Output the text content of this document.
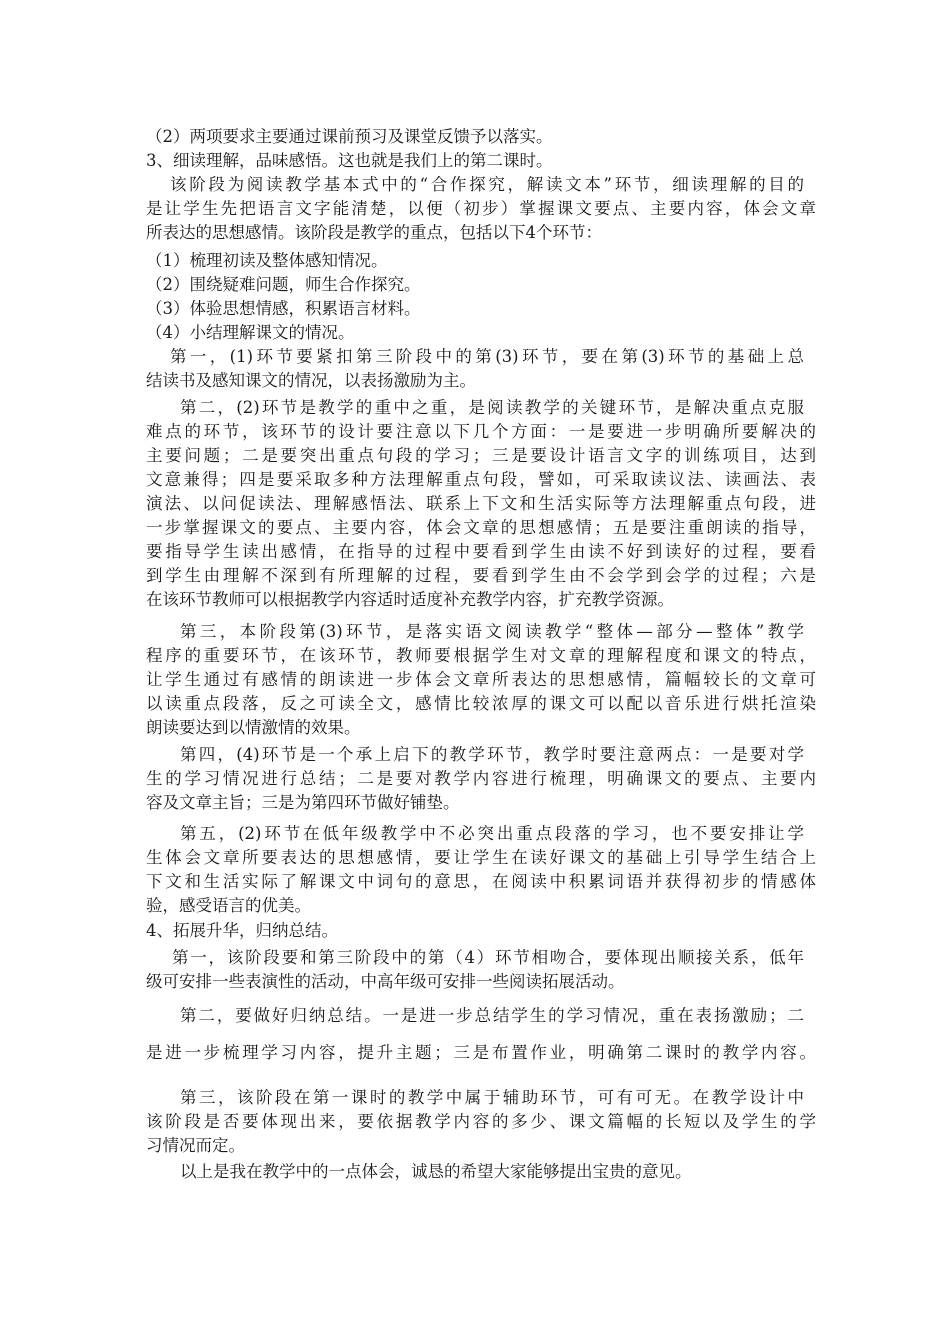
（2）两项要求主要通过课前预习及课堂反馈予以落实。
3、细读理解，品味感悟。这也就是我们上的第二课时。
该阶段为阅读教学基本式中的“合作探究，解读文本”环节，细读理解的目的
是让学生先把语言文字能清楚，以便（初步）掌握课文要点、主要内容，体会文章
所表达的思想感情。该阶段是教学的重点，包括以下4个环节：
（1）梳理初读及整体感知情况。
（2）围绕疑难问题，师生合作探究。
（3）体验思想情感，积累语言材料。
（4）小结理解课文的情况。
第一，(1)环节要紧扣第三阶段中的第(3)环节，要在第(3)环节的基础上总
结读书及感知课文的情况，以表扬激励为主。
第二，(2)环节是教学的重中之重，是阅读教学的关键环节，是解决重点克服
难点的环节，该环节的设计要注意以下几个方面：一是要进一步明确所要解决的
主要问题；二是要突出重点句段的学习；三是要设计语言文字的训练项目，达到
文意兼得；四是要采取多种方法理解重点句段，譬如，可采取读议法、读画法、表
演法、以问促读法、理解感悟法、联系上下文和生活实际等方法理解重点句段，进
一步掌握课文的要点、主要内容，体会文章的思想感情；五是要注重朗读的指导，
要指导学生读出感情，在指导的过程中要看到学生由读不好到读好的过程，要看
到学生由理解不深到有所理解的过程，要看到学生由不会学到会学的过程；六是
在该环节教师可以根据教学内容适时适度补充教学内容，扩充教学资源。
第三，本阶段第(3)环节，是落实语文阅读教学“整体—部分—整体”教学
程序的重要环节，在该环节，教师要根据学生对文章的理解程度和课文的特点，
让学生通过有感情的朗读进一步体会文章所表达的思想感情，篇幅较长的文章可
以读重点段落，反之可读全文，感情比较浓厚的课文可以配以音乐进行烘托渲染
朗读要达到以情激情的效果。
第四，(4)环节是一个承上启下的教学环节，教学时要注意两点：一是要对学
生的学习情况进行总结；二是要对教学内容进行梳理，明确课文的要点、主要内
容及文章主旨；三是为第四环节做好铺垫。
第五，(2)环节在低年级教学中不必突出重点段落的学习，也不要安排让学
生体会文章所要表达的思想感情，要让学生在读好课文的基础上引导学生结合上
下文和生活实际了解课文中词句的意思，在阅读中积累词语并获得初步的情感体
验，感受语言的优美。
4、拓展升华，归纳总结。
第一，该阶段要和第三阶段中的第（4）环节相吻合，要体现出顺接关系，低年
级可安排一些表演性的活动，中高年级可安排一些阅读拓展活动。
第二，要做好归纳总结。一是进一步总结学生的学习情况，重在表扬激励；二
是进一步梳理学习内容，提升主题；三是布置作业，明确第二课时的教学内容。
第三，该阶段在第一课时的教学中属于辅助环节，可有可无。在教学设计中
该阶段是否要体现出来，要依据教学内容的多少、课文篇幅的长短以及学生的学
习情况而定。
以上是我在教学中的一点体会，诚恳的希望大家能够提出宝贵的意见。
